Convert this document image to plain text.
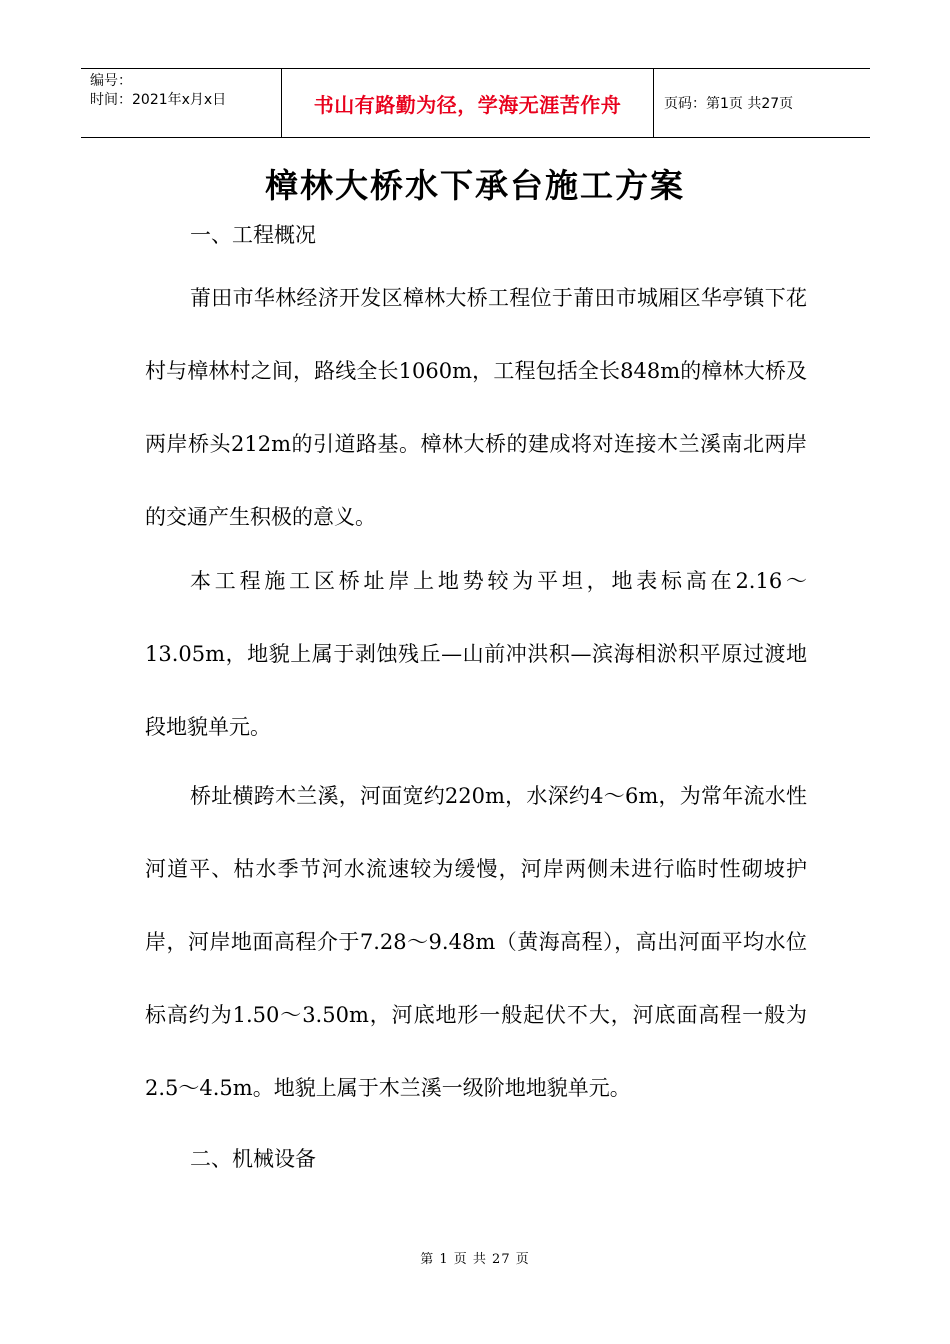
编号：
时间：2021年x月x日	书山有路勤为径，学海无涯苦作舟	页码：第1页 共27页
樟林大桥水下承台施工方案
一、工程概况
莆田市华林经济开发区樟林大桥工程位于莆田市城厢区华亭镇下花村与樟林村之间，路线全长1060m，工程包括全长848m的樟林大桥及两岸桥头212m的引道路基。樟林大桥的建成将对连接木兰溪南北两岸的交通产生积极的意义。
本工程施工区桥址岸上地势较为平坦，地表标高在2.16～13.05m，地貌上属于剥蚀残丘—山前冲洪积—滨海相淤积平原过渡地段地貌单元。
桥址横跨木兰溪，河面宽约220m，水深约4～6m，为常年流水性河道平、枯水季节河水流速较为缓慢，河岸两侧未进行临时性砌坡护岸，河岸地面高程介于7.28～9.48m（黄海高程），高出河面平均水位标高约为1.50～3.50m，河底地形一般起伏不大，河底面高程一般为2.5～4.5m。地貌上属于木兰溪一级阶地地貌单元。
二、机械设备
第 1 页 共 27 页
